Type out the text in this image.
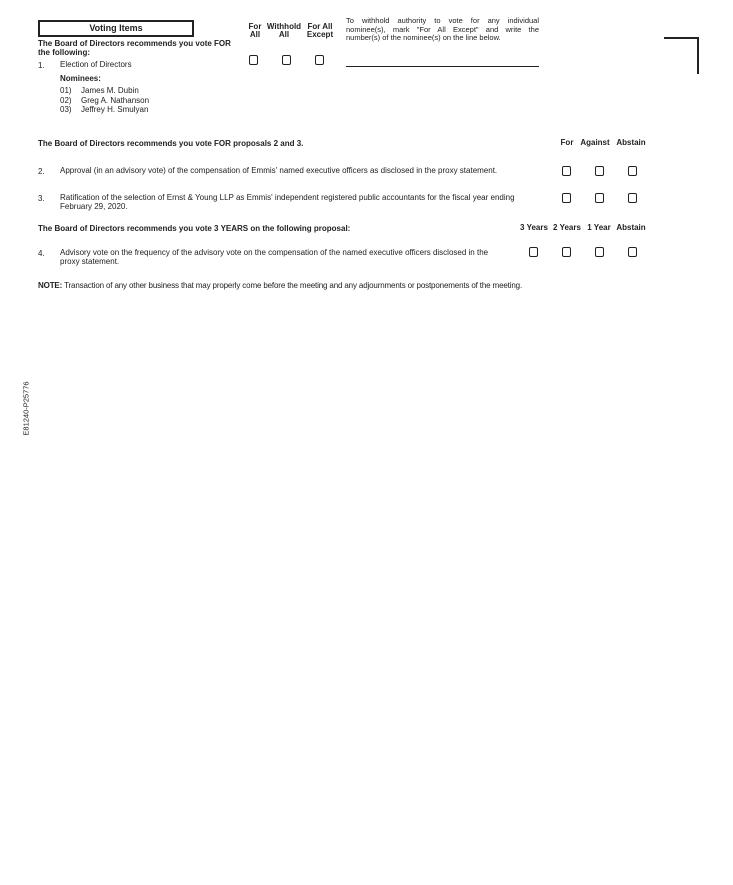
Voting Items
The Board of Directors recommends you vote FOR the following:
1. Election of Directors
Nominees:
01) James M. Dubin
02) Greg A. Nathanson
03) Jeffrey H. Smulyan
For
All
Withhold
All
For All
Except
To withhold authority to vote for any individual nominee(s), mark "For All Except" and write the number(s) of the nominee(s) on the line below.
The Board of Directors recommends you vote FOR proposals 2 and 3.	For Against Abstain
2. Approval (in an advisory vote) of the compensation of Emmis' named executive officers as disclosed in the proxy statement.
3. Ratification of the selection of Ernst & Young LLP as Emmis' independent registered public accountants for the fiscal year ending February 29, 2020.
The Board of Directors recommends you vote 3 YEARS on the following proposal:	3 Years 2 Years 1 Year Abstain
4. Advisory vote on the frequency of the advisory vote on the compensation of the named executive officers disclosed in the proxy statement.
NOTE: Transaction of any other business that may properly come before the meeting and any adjournments or postponements of the meeting.
E81240-P25776
